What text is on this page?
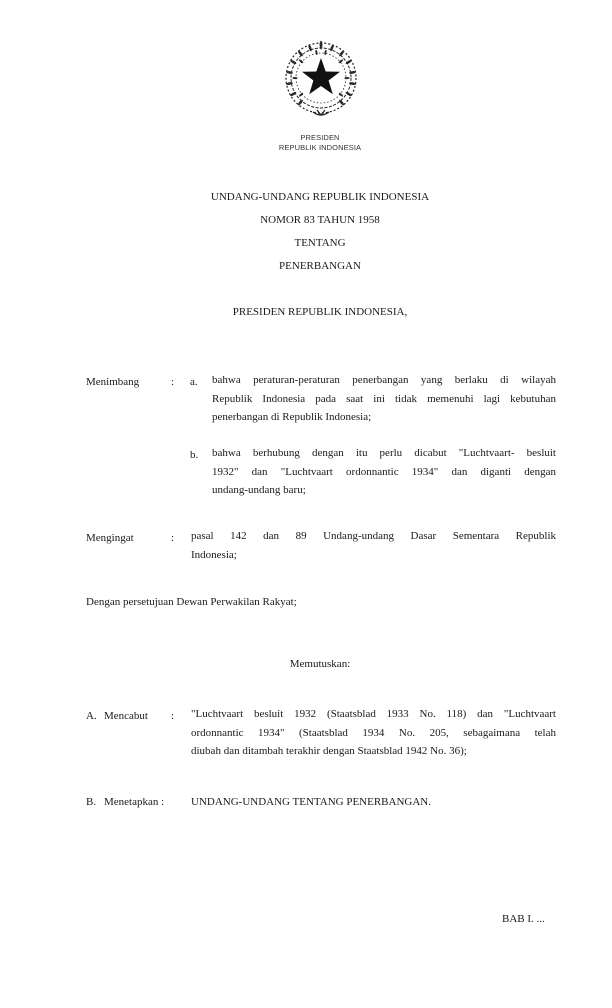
PRESIDEN
REPUBLIK INDONESIA
UNDANG-UNDANG REPUBLIK INDONESIA
NOMOR 83 TAHUN 1958
TENTANG
PENERBANGAN
PRESIDEN REPUBLIK INDONESIA,
Menimbang	: a. bahwa peraturan-peraturan penerbangan yang berlaku di wilayah
Republik Indonesia pada saat ini tidak memenuhi lagi kebutuhan
penerbangan di Republik Indonesia;
b. bahwa berhubung dengan itu perlu dicabut "Luchtvaart- besluit
1932" dan "Luchtvaart ordonnantic 1934" dan diganti dengan
undang-undang baru;
Mengingat	: pasal 142 dan 89 Undang-undang Dasar Sementara Republik
Indonesia;
Dengan persetujuan Dewan Perwakilan Rakyat;
Memutuskan:
A. Mencabut : "Luchtvaart besluit 1932 (Staatsblad 1933 No. 118) dan "Luchtvaart
ordonnantic 1934" (Staatsblad 1934 No. 205, sebagaimana telah
diubah dan ditambah terakhir dengan Staatsblad 1942 No. 36);
B. Menetapkan : UNDANG-UNDANG TENTANG PENERBANGAN.
BAB I. ...
